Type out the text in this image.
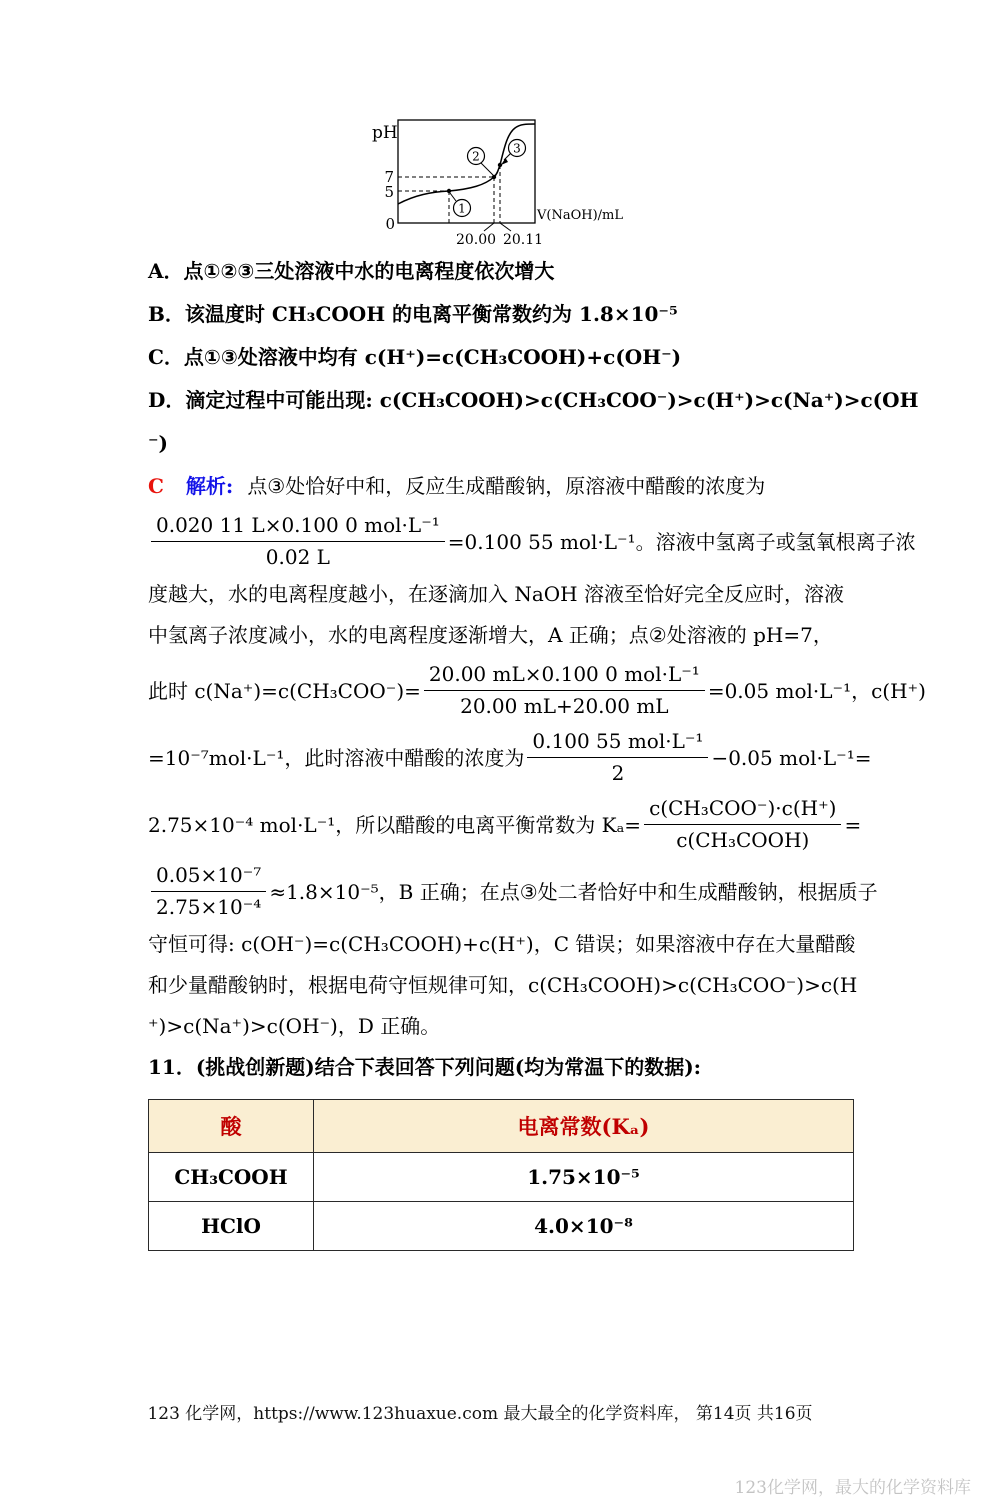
1
2
3
pH
7
5
0
20.00 20.11
V(NaOH)/mL
A．点①②③三处溶液中水的电离程度依次增大
B．该温度时 CH₃COOH 的电离平衡常数约为 1.8×10⁻⁵
C．点①③处溶液中均有 c(H⁺)=c(CH₃COOH)+c(OH⁻)
D．滴定过程中可能出现: c(CH₃COOH)>c(CH₃COO⁻)>c(H⁺)>c(Na⁺)>c(OH
⁻)
C 解析: 点③处恰好中和，反应生成醋酸钠，原溶液中醋酸的浓度为
$\frac{\text{0.020 11 L×0.100 0 mol·L⁻¹}}{0.02 L} =0.100$ 55 mol·L⁻¹。溶液中氢离子或氢氧根离子浓
度越大，水的电离程度越小，在逐滴加入 NaOH 溶液至恰好完全反应时，溶液
中氢离子浓度减小，水的电离程度逐渐增大，A 正确；点②处溶液的 pH=7，
此时 $c(Na^+)=c(CH_3COO^-)= \frac{\text{20.00 mL×0.100 0 mol·L⁻¹}}{20.00 mL+20.00 mL} =0.05$ mol·L⁻¹，c(H⁺)
=10⁻⁷mol·L⁻¹，此时溶液中醋酸的浓度为 $\frac{\text{0.100 55 mol·L⁻¹}}{2} -0.05$ mol·L⁻¹=
2.75×10⁻⁴ mol·L⁻¹，所以醋酸的电离平衡常数为 $K_a= \frac{\text{c(CH₃COO⁻)·c(H⁺)}}{\text{c(CH₃COOH)}}$ =
$\frac{\text{0.05×10⁻⁷}}{\text{2.75×10⁻⁴}} \approx 1.8\times 10^{-5}$，B 正确；在点③处二者恰好中和生成醋酸钠，根据质子
守恒可得: c(OH⁻)=c(CH₃COOH)+c(H⁺)，C 错误；如果溶液中存在大量醋酸
和少量醋酸钠时，根据电荷守恒规律可知，c(CH₃COOH)>c(CH₃COO⁻)>c(H
⁺)>c(Na⁺)>c(OH⁻)，D 正确。
11．(挑战创新题)结合下表回答下列问题(均为常温下的数据):
酸	电离常数(Kₐ)
CH₃COOH	1.75×10⁻⁵
HClO	4.0×10⁻⁸
123 化学网，https://www.123huaxue.com 最大最全的化学资料库， 第14页 共16页
123化学网，最大的化学资料库
